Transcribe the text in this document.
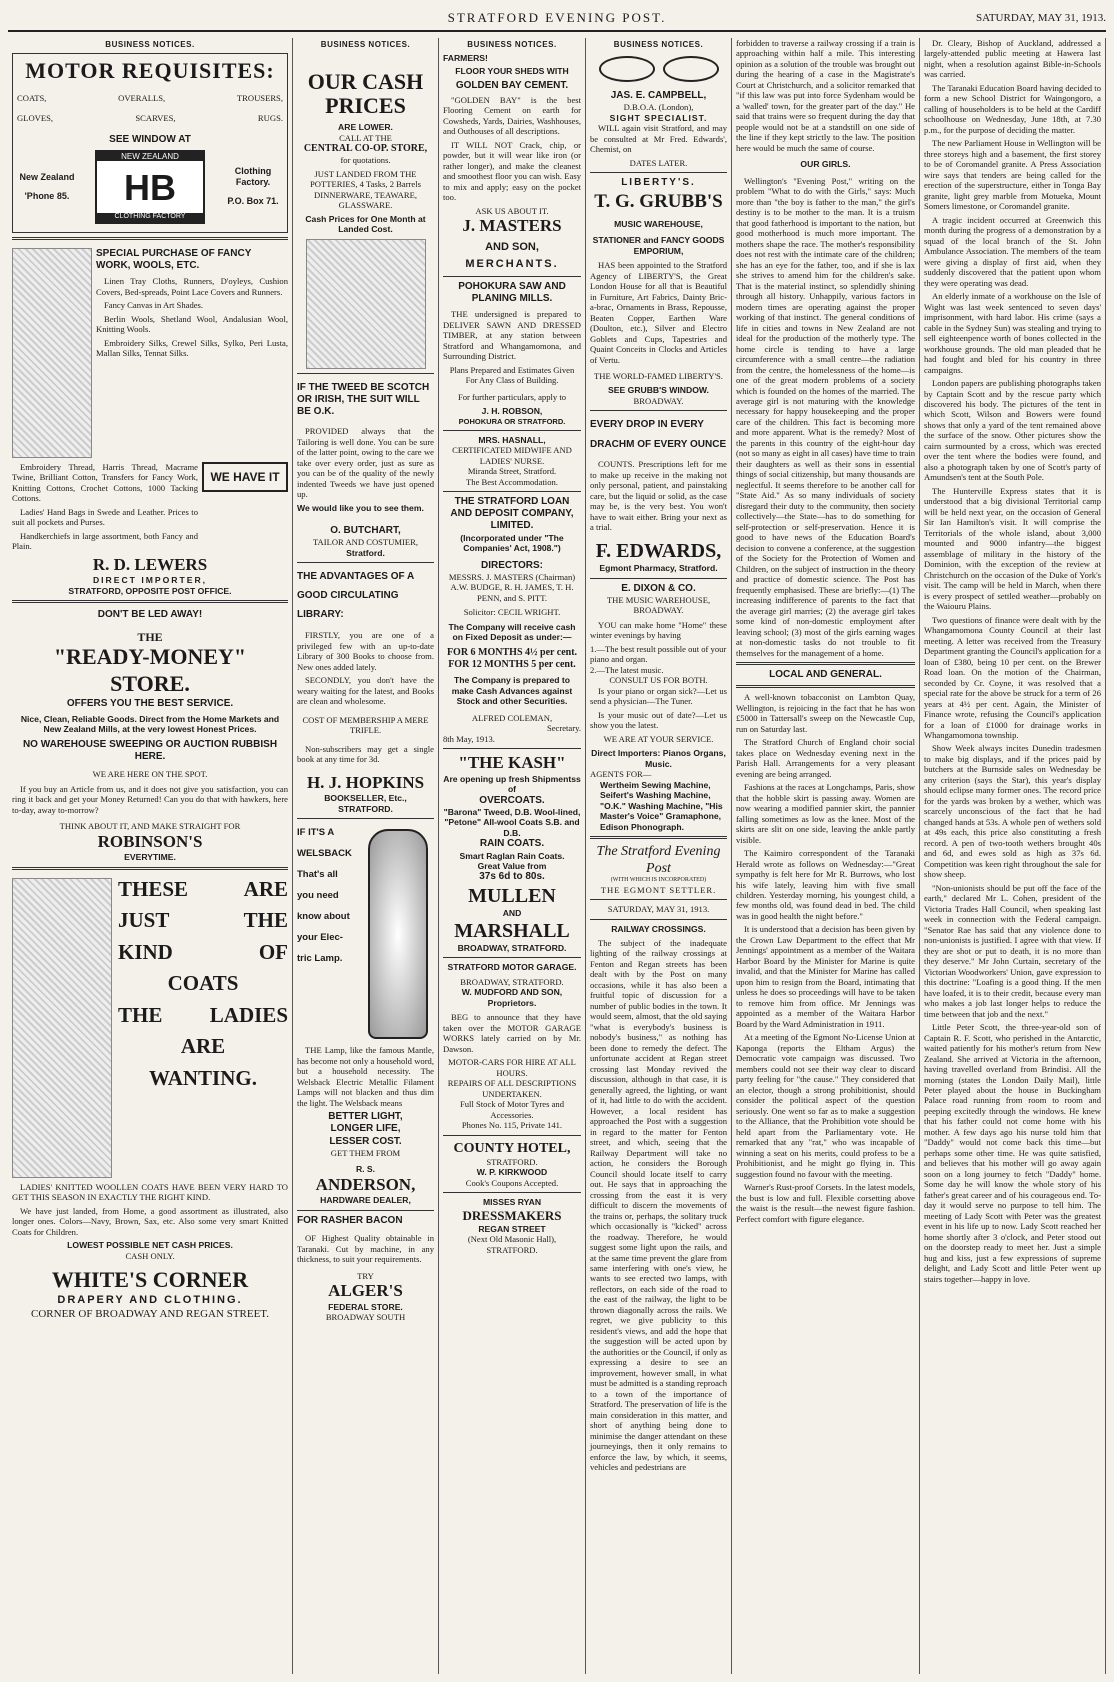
STRATFORD EVENING POST.	SATURDAY, MAY 31, 1913.
BUSINESS NOTICES.
MOTOR REQUISITES:
COATS,	OVERALLS,	TROUSERS,
GLOVES,	SCARVES,	RUGS.
SEE WINDOW AT
New Zealand
'Phone 85.
NEW ZEALAND
HB
CLOTHING FACTORY
Clothing Factory.
P.O. Box 71.
SPECIAL PURCHASE OF FANCY WORK, WOOLS, ETC.
Linen Tray Cloths, Runners, D'oyleys, Cushion Covers, Bed-spreads, Point Lace Covers and Runners.
Fancy Canvas in Art Shades.
Berlin Wools, Shetland Wool, Andalusian Wool, Knitting Wools.
Embroidery Silks, Crewel Silks, Sylko, Peri Lusta, Mallan Silks, Tennat Silks.
Embroidery Thread, Harris Thread, Macrame Twine, Brilliant Cotton, Transfers for Fancy Work, Knitting Cottons, Crochet Cottons, 1000 Tacking Cottons.
Ladies' Hand Bags in Swede and Leather. Prices to suit all pockets and Purses.
Handkerchiefs in large assortment, both Fancy and Plain.
WE HAVE IT
R. D. LEWERS
DIRECT IMPORTER,
STRATFORD, OPPOSITE POST OFFICE.
DON'T BE LED AWAY!
THE
"READY-MONEY" STORE.
OFFERS YOU THE BEST SERVICE.
Nice, Clean, Reliable Goods. Direct from the Home Markets and New Zealand Mills, at the very lowest Honest Prices.
NO WAREHOUSE SWEEPING OR AUCTION RUBBISH HERE.
WE ARE HERE ON THE SPOT.
If you buy an Article from us, and it does not give you satisfaction, you can ring it back and get your Money Returned! Can you do that with hawkers, here to-day, away to-morrow?
THINK ABOUT IT, AND MAKE STRAIGHT FOR
ROBINSON'S
EVERYTIME.
THESE	ARE
JUST	THE
KIND	OF
COATS
THE LADIES
ARE
WANTING.
LADIES' KNITTED WOOLLEN COATS HAVE BEEN VERY HARD TO GET THIS SEASON IN EXACTLY THE RIGHT KIND.
We have just landed, from Home, a good assortment as illustrated, also longer ones. Colors—Navy, Brown, Sax, etc. Also some very smart Knitted Coats for Children.
LOWEST POSSIBLE NET CASH PRICES.
CASH ONLY.
WHITE'S CORNER
DRAPERY AND CLOTHING.
CORNER OF BROADWAY AND REGAN STREET.
BUSINESS NOTICES.
OUR CASH PRICES
ARE LOWER.
CALL AT THE
CENTRAL CO-OP. STORE,
for quotations.
JUST LANDED FROM THE POTTERIES, 4 Tasks, 2 Barrels DINNERWARE, TEAWARE, GLASSWARE.
Cash Prices for One Month at Landed Cost.
IF THE TWEED BE SCOTCH OR IRISH, THE SUIT WILL BE O.K.
PROVIDED always that the Tailoring is well done. You can be sure of the latter point, owing to the care we take over every order, just as sure as you can be of the quality of the newly indented Tweeds we have just opened up.
We would like you to see them.
O. BUTCHART,
TAILOR AND COSTUMIER,
Stratford.
THE ADVANTAGES OF A GOOD CIRCULATING LIBRARY:
FIRSTLY, you are one of a privileged few with an up-to-date Library of 300 Books to choose from. New ones added lately.
SECONDLY, you don't have the weary waiting for the latest, and Books are clean and wholesome.
COST OF MEMBERSHIP A MERE TRIFLE.
Non-subscribers may get a single book at any time for 3d.
H. J. HOPKINS
BOOKSELLER, Etc., STRATFORD.
IF IT'S A
WELSBACK
That's all
you need
know about
your Elec-
tric Lamp.
THE Lamp, like the famous Mantle, has become not only a household word, but a household necessity. The Welsback Electric Metallic Filament Lamps will not blacken and thus dim the light. The Welsback means
BETTER LIGHT,
LONGER LIFE,
LESSER COST.
GET THEM FROM
R. S.
ANDERSON,
HARDWARE DEALER,
FOR RASHER BACON
OF Highest Quality obtainable in Taranaki. Cut by machine, in any thickness, to suit your requirements.
TRY
ALGER'S
FEDERAL STORE.
BROADWAY SOUTH
BUSINESS NOTICES.
FARMERS!
FLOOR YOUR SHEDS WITH
GOLDEN BAY CEMENT.
"GOLDEN BAY" is the best Flooring Cement on earth for Cowsheds, Yards, Dairies, Washhouses, and Outhouses of all descriptions.
IT WILL NOT Crack, chip, or powder, but it will wear like iron (or rather longer), and make the cleanest and smoothest floor you can wish. Easy to mix and apply; easy on the pocket too.
ASK US ABOUT IT.
J. MASTERS
AND SON,
MERCHANTS.
POHOKURA SAW AND PLANING MILLS.
THE undersigned is prepared to DELIVER SAWN AND DRESSED TIMBER, at any station between Stratford and Whangamomona, and Surrounding District.
Plans Prepared and Estimates Given For Any Class of Building.
For further particulars, apply to
J. H. ROBSON,
POHOKURA OR STRATFORD.
MRS. HASNALL,
CERTIFICATED MIDWIFE AND LADIES' NURSE.
Miranda Street, Stratford.
The Best Accommodation.
THE STRATFORD LOAN AND DEPOSIT COMPANY, LIMITED.
(Incorporated under "The Companies' Act, 1908.")
DIRECTORS:
MESSRS. J. MASTERS (Chairman) A.W. BUDGE, R. H. JAMES, T. H. PENN, and S. PITT.
Solicitor: CECIL WRIGHT.
The Company will receive cash on Fixed Deposit as under:—
FOR 6 MONTHS 4½ per cent.
FOR 12 MONTHS 5 per cent.
The Company is prepared to make Cash Advances against Stock and other Securities.
ALFRED COLEMAN,
Secretary.
8th May, 1913.
"THE KASH"
Are opening up fresh Shipmentss of
OVERCOATS.
"Barona" Tweed, D.B. Wool-lined, "Petone" All-wool Coats S.B. and D.B.
RAIN COATS.
Smart Raglan Rain Coats.
Great Value from
37s 6d to 80s.
MULLEN
AND
MARSHALL
BROADWAY, STRATFORD.
STRATFORD MOTOR GARAGE.
BROADWAY, STRATFORD.
W. MUDFORD AND SON, Proprietors.
BEG to announce that they have taken over the MOTOR GARAGE WORKS lately carried on by Mr. Dawson.
MOTOR-CARS FOR HIRE AT ALL HOURS.
REPAIRS OF ALL DESCRIPTIONS UNDERTAKEN.
Full Stock of Motor Tyres and Accessories.
Phones No. 115, Private 141.
COUNTY HOTEL,
STRATFORD.
W. P. KIRKWOOD
Cook's Coupons Accepted.
MISSES RYAN
DRESSMAKERS
REGAN STREET
(Next Old Masonic Hall),
STRATFORD.
BUSINESS NOTICES.
JAS. E. CAMPBELL,
D.B.O.A. (London),
SIGHT SPECIALIST.
WILL again visit Stratford, and may be consulted at Mr Fred. Edwards', Chemist, on
DATES LATER.
LIBERTY'S.
T. G. GRUBB'S
MUSIC WAREHOUSE,
STATIONER and FANCY GOODS EMPORIUM,
HAS been appointed to the Stratford Agency of LIBERTY'S, the Great London House for all that is Beautiful in Furniture, Art Fabrics, Dainty Bric-a-brac, Ornaments in Brass, Repousse, Beaten Copper, Earthen Ware (Doulton, etc.), Silver and Electro Goblets and Cups, Tapestries and Quaint Conceits in Clocks and Articles of Vertu.
THE WORLD-FAMED LIBERTY'S.
SEE GRUBB'S WINDOW.
BROADWAY.
EVERY DROP IN EVERY DRACHM OF EVERY OUNCE
COUNTS. Prescriptions left for me to make up receive in the making not only personal, patient, and painstaking care, but the liquid or solid, as the case may be, is the very best. You won't have to wait either. Bring your next as a trial.
F. EDWARDS,
Egmont Pharmacy, Stratford.
E. DIXON & CO.
THE MUSIC WAREHOUSE,
BROADWAY.
YOU can make home "Home" these winter evenings by having
1.—The best result possible out of your piano and organ.
2.—The latest music.
CONSULT US FOR BOTH.
Is your piano or organ sick?—Let us send a physician—The Tuner.
Is your music out of date?—Let us show you the latest.
WE ARE AT YOUR SERVICE.
Direct Importers: Pianos Organs, Music.
AGENTS FOR—
Wertheim Sewing Machine, Seifert's Washing Machine, "O.K." Washing Machine, "His Master's Voice" Gramaphone, Edison Phonograph.
The Stratford Evening Post
(WITH WHICH IS INCORPORATED)
THE EGMONT SETTLER.
SATURDAY, MAY 31, 1913.
RAILWAY CROSSINGS.
The subject of the inadequate lighting of the railway crossings at Fenton and Regan streets has been dealt with by the Post on many occasions, while it has also been a fruitful topic of discussion for a number of public bodies in the town. It would seem, almost, that the old saying "what is everybody's business is nobody's business," as nothing has been done to remedy the defect. The unfortunate accident at Regan street crossing last Monday revived the discussion, although in that case, it is generally agreed, the lighting, or want of it, had little to do with the accident. However, a local resident has approached the Post with a suggestion in regard to the matter for Fenton street, and which, seeing that the Railway Department will take no action, he considers the Borough Council should locate itself to carry out. He says that in approaching the crossing from the east it is very difficult to discern the movements of the trains or, perhaps, the solitary truck which occasionally is "kicked" across the roadway. Therefore, he would suggest some light upon the rails, and at the same time prevent the glare from same interfering with one's view, he wants to see erected two lamps, with reflectors, on each side of the road to the east of the railway, the light to be thrown diagonally across the rails. We regret, we give publicity to this resident's views, and add the hope that the suggestion will be acted upon by the authorities or the Council, if only as expressing a desire to see an improvement, however small, in what must be admitted is a standing reproach to a town of the importance of Stratford. The preservation of life is the main consideration in this matter, and short of anything being done to minimise the danger attendant on these journeyings, then it only remains to enforce the law, by which, it seems, vehicles and pedestrians are
forbidden to traverse a railway crossing if a train is approaching within half a mile. This interesting opinion as a solution of the trouble was brought out during the hearing of a case in the Magistrate's Court at Christchurch, and a solicitor remarked that "if this law was put into force Sydenham would be a 'walled' town, for the greater part of the day." He said that trains were so frequent during the day that people would not be at a standstill on one side of the line if they kept strictly to the law. The position here would be much the same of course.
OUR GIRLS.
Wellington's "Evening Post," writing on the problem "What to do with the Girls," says: Much more than "the boy is father to the man," the girl's destiny is to be mother to the man. It is a truism that good fatherhood is important to the nation, but good motherhood is much more important. The mothers shape the race. The mother's responsibility does not rest with the intimate care of the children; she has an eye for the father, too, and if she is lax she strives to amend him for the children's sake. That is the material instinct, so splendidly shining through all history. Unhappily, various factors in modern times are operating against the proper working of that instinct. The general conditions of life in cities and towns in New Zealand are not ideal for the production of the motherly type. The home circle is tending to have a large circumference with a small centre—the radiation from the centre, the homelessness of the home—is one of the great modern problems of a society which is founded on the homes of the married. The average girl is not maturing with the knowledge necessary for happy housekeeping and the proper care of the children. This fact is becoming more and more apparent. What is the remedy? Most of the parents in this country of the eight-hour day (not so many as eight in all cases) have time to train their daughters as well as their sons in essential things of social citizenship, but many thousands are neglectful. It seems therefore to be another call for "State Aid." As so many individuals of society disregard their duty to the community, then society collectively—the State—has to do something for self-protection or self-preservation. Hence it is good to have news of the Education Board's decision to convene a conference, at the suggestion of the Society for the Protection of Women and Children, on the subject of instruction in the theory and practice of domestic science. The Post has frequently emphasised. These are briefly:—(1) The increasing indifference of parents to the fact that the average girl marries; (2) the average girl takes some kind of non-domestic employment after leaving school; (3) most of the girls earning wages at non-domestic tasks do not trouble to fit themselves for the management of a home.
LOCAL AND GENERAL.
A well-known tobacconist on Lambton Quay, Wellington, is rejoicing in the fact that he has won £5000 in Tattersall's sweep on the Newcastle Cup, run on Saturday last.
The Stratford Church of England choir social takes place on Wednesday evening next in the Parish Hall. Arrangements for a very pleasant evening are being arranged.
Fashions at the races at Longchamps, Paris, show that the hobble skirt is passing away. Women are now wearing a modified pannier skirt, the pannier falling sometimes as low as the knee. Most of the skirts are slit on one side, leaving the ankle partly visible.
The Kaimiro correspondent of the Taranaki Herald wrote as follows on Wednesday:—"Great sympathy is felt here for Mr R. Burrows, who lost his wife lately, leaving him with five small children. Yesterday morning, his youngest child, a few months old, was found dead in bed. The child was in good health the night before."
It is understood that a decision has been given by the Crown Law Department to the effect that Mr Jennings' appointment as a member of the Waitara Harbor Board by the Minister for Marine is quite invalid, and that the Minister for Marine has called upon him to resign from the Board, intimating that unless he does so proceedings will have to be taken to remove him from office. Mr Jennings was appointed as a member of the Waitara Harbor Board by the Ward Administration in 1911.
At a meeting of the Egmont No-License Union at Kaponga (reports the Eltham Argus) the Democratic vote campaign was discussed. Two members could not see their way clear to discard party feeling for "the cause." They considered that an elector, though a strong prohibitionist, should consider the political aspect of the question seriously. One went so far as to make a suggestion to the Alliance, that the Prohibition vote should be held apart from the Parliamentary vote. He remarked that any "rat," who was incapable of winning a seat on his merits, could profess to be a Prohibitionist, and he might go flying in. This suggestion found no favour with the meeting.
Warner's Rust-proof Corsets. In the latest models, the bust is low and full. Flexible corsetting above the waist is the result—the newest figure fashion. Perfect comfort with figure elegance.
Dr. Cleary, Bishop of Auckland, addressed a largely-attended public meeting at Hawera last night, when a resolution against Bible-in-Schools was carried.
The Taranaki Education Board having decided to form a new School District for Waingongoro, a calling of householders is to be held at the Cardiff schoolhouse on Wednesday, June 18th, at 7.30 p.m., for the purpose of deciding the matter.
The new Parliament House in Wellington will be three storeys high and a basement, the first storey to be of Coromandel granite. A Press Association wire says that tenders are being called for the erection of the superstructure, either in Tonga Bay granite, light grey marble from Motueka, Mount Somers limestone, or Coromandel granite.
A tragic incident occurred at Greenwich this month during the progress of a demonstration by a squad of the local branch of the St. John Ambulance Association. The members of the team were giving a display of first aid, when they suddenly discovered that the patient upon whom they were operating was dead.
An elderly inmate of a workhouse on the Isle of Wight was last week sentenced to seven days' imprisonment, with hard labor. His crime (says a cable in the Sydney Sun) was stealing and trying to sell eighteenpence worth of bones collected in the workhouse grounds. The old man pleaded that he had fought and bled for his country in three campaigns.
London papers are publishing photographs taken by Captain Scott and by the rescue party which discovered his body. The pictures of the tent in which Scott, Wilson and Bowers were found shows that only a yard of the tent remained above the surface of the snow. Other pictures show the cairn surmounted by a cross, which was erected over the tent where the bodies were found, and also a photograph taken by one of Scott's party of Amundsen's tent at the South Pole.
The Hunterville Express states that it is understood that a big divisional Territorial camp will be held next year, on the occasion of General Sir Ian Hamilton's visit. It will comprise the Territorials of the whole island, about 3,000 mounted and 9000 infantry—the biggest assemblage of military in the history of the Dominion, with the exception of the review at Christchurch on the occasion of the Duke of York's visit. The camp will be held in March, when there is every prospect of settled weather—probably on the Waiouru Plains.
Two questions of finance were dealt with by the Whangamomona County Council at their last meeting. A letter was received from the Treasury Department granting the Council's application for a loan of £380, being 10 per cent. on the Brewer Road loan. On the motion of the Chairman, seconded by Cr. Coyne, it was resolved that a special rate for the above be struck for a term of 26 years at 4½ per cent. Again, the Minister of Finance wrote, refusing the Council's application for a loan of £1000 for drainage works in Whangamomona township.
Show Week always incites Dunedin tradesmen to make big displays, and if the prices paid by butchers at the Burnside sales on Wednesday be any criterion (says the Star), this year's display should eclipse many former ones. The record price for the yards was broken by a wether, which was scarcely unconscious of the fact that he had changed hands at 53s. A whole pen of wethers sold at 49s each, this price also constituting a fresh record. A pen of two-tooth wethers brought 40s and 6d, and ewes sold as high as 37s 6d. Competition was keen right throughout the sale for show sheep.
"Non-unionists should be put off the face of the earth," declared Mr L. Cohen, president of the Victoria Trades Hall Council, when speaking last week in connection with the Federal campaign. "Senator Rae has said that any violence done to non-unionists is justified. I agree with that view. If they are shot or put to death, it is no more than they deserve." Mr John Curtain, secretary of the Victorian Woodworkers' Union, gave expression to this doctrine: "Loafing is a good thing. If the men have loafed, it is to their credit, because every man who makes a job last longer helps to reduce the time between that job and the next."
Little Peter Scott, the three-year-old son of Captain R. F. Scott, who perished in the Antarctic, waited patiently for his mother's return from New Zealand. She arrived at Victoria in the afternoon, having travelled overland from Brindisi. All the morning (states the London Daily Mail), little Peter played about the house in Buckingham Palace road running from room to room and peeping excitedly through the windows. He knew that his father could not come home with his mother. A few days ago his nurse told him that "Daddy" would not come back this time—but perhaps some other time. He was quite satisfied, and believes that his mother will go away again soon on a long journey to fetch "Daddy" home. Some day he will know the whole story of his father's great career and of his courageous end. To-day it would serve no purpose to tell him. The meeting of Lady Scott with Peter was the greatest event in his life up to now. Lady Scott reached her home shortly after 3 o'clock, and Peter stood out on the doorstep ready to meet her. Just a simple hug and kiss, just a few expressions of supreme delight, and Lady Scott and little Peter went up stairs together—happy in love.
